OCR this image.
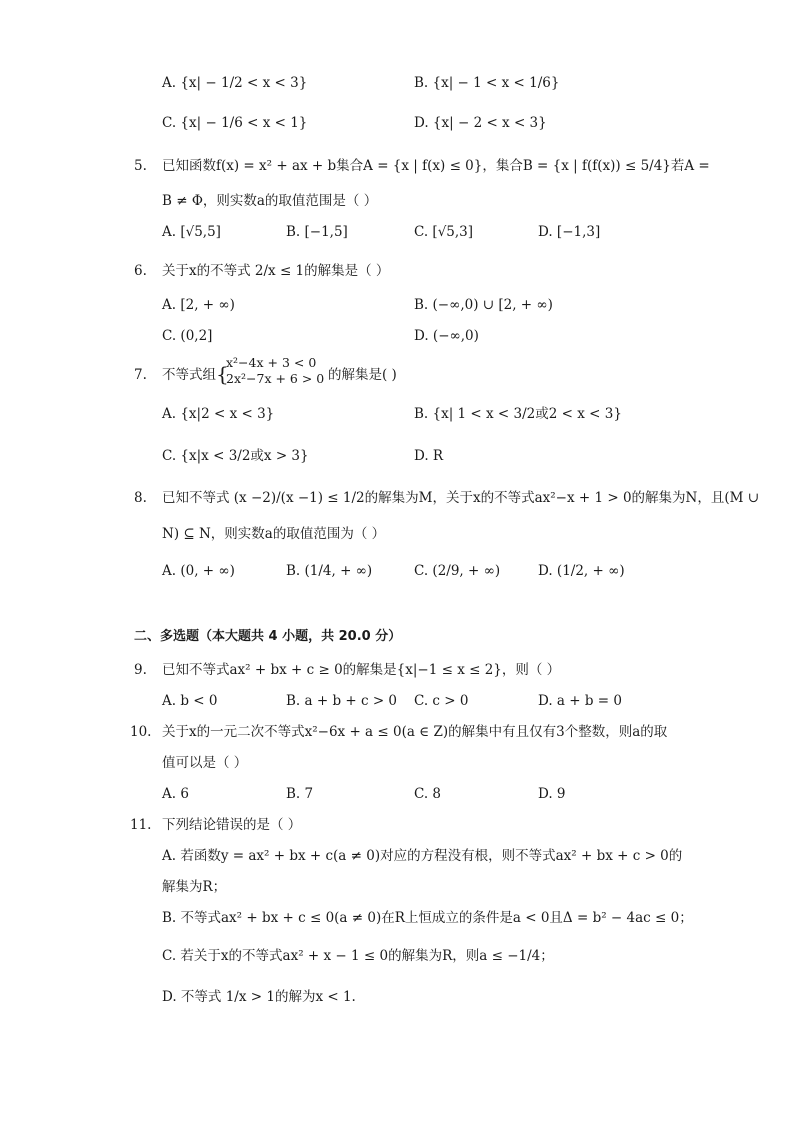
A. {x| − 1/2 < x < 3}	B. {x| − 1 < x < 1/6}
C. {x| − 1/6 < x < 1}	D. {x| − 2 < x < 3}
5. 已知函数f(x) = x² + ax + b集合A = {x | f(x) ≤ 0}，集合B = {x | f(f(x)) ≤ 5/4}若A =
B ≠ Φ，则实数a的取值范围是（ ）
A. [√5,5]	B. [−1,5]	C. [√5,3]	D. [−1,3]
6. 关于x的不等式 2/x ≤ 1的解集是（ ）
A. [2, + ∞)	B. (−∞,0) ∪ [2, + ∞)
C. (0,2]	D. (−∞,0)
7. 不等式组 {
x²−4x + 3 < 0
2x²−7x + 6 > 0 的解集是( )
A. {x|2 < x < 3}	B. {x| 1 < x < 3/2或2 < x < 3}
C. {x|x < 3/2或x > 3}	D. R
8. 已知不等式 (x −2)/(x −1) ≤ 1/2的解集为M，关于x的不等式ax²−x + 1 > 0的解集为N，且(M ∪
N) ⊆ N，则实数a的取值范围为（ ）
A. (0, + ∞)	B. (1/4, + ∞)	C. (2/9, + ∞)	D. (1/2, + ∞)
二、多选题（本大题共 4 小题，共 20.0 分）
9. 已知不等式ax² + bx + c ≥ 0的解集是{x|−1 ≤ x ≤ 2}，则（ ）
A. b < 0	B. a + b + c > 0 C. c > 0	D. a + b = 0
10. 关于x的一元二次不等式x²−6x + a ≤ 0(a ∈ Z)的解集中有且仅有3个整数，则a的取
值可以是（ ）
A. 6	B. 7	C. 8	D. 9
11. 下列结论错误的是（ ）
A. 若函数y = ax² + bx + c(a ≠ 0)对应的方程没有根，则不等式ax² + bx + c > 0的
解集为R；
B. 不等式ax² + bx + c ≤ 0(a ≠ 0)在R上恒成立的条件是a < 0且Δ = b² − 4ac ≤ 0；
C. 若关于x的不等式ax² + x − 1 ≤ 0的解集为R，则a ≤ −1/4；
D. 不等式 1/x > 1的解为x < 1.
